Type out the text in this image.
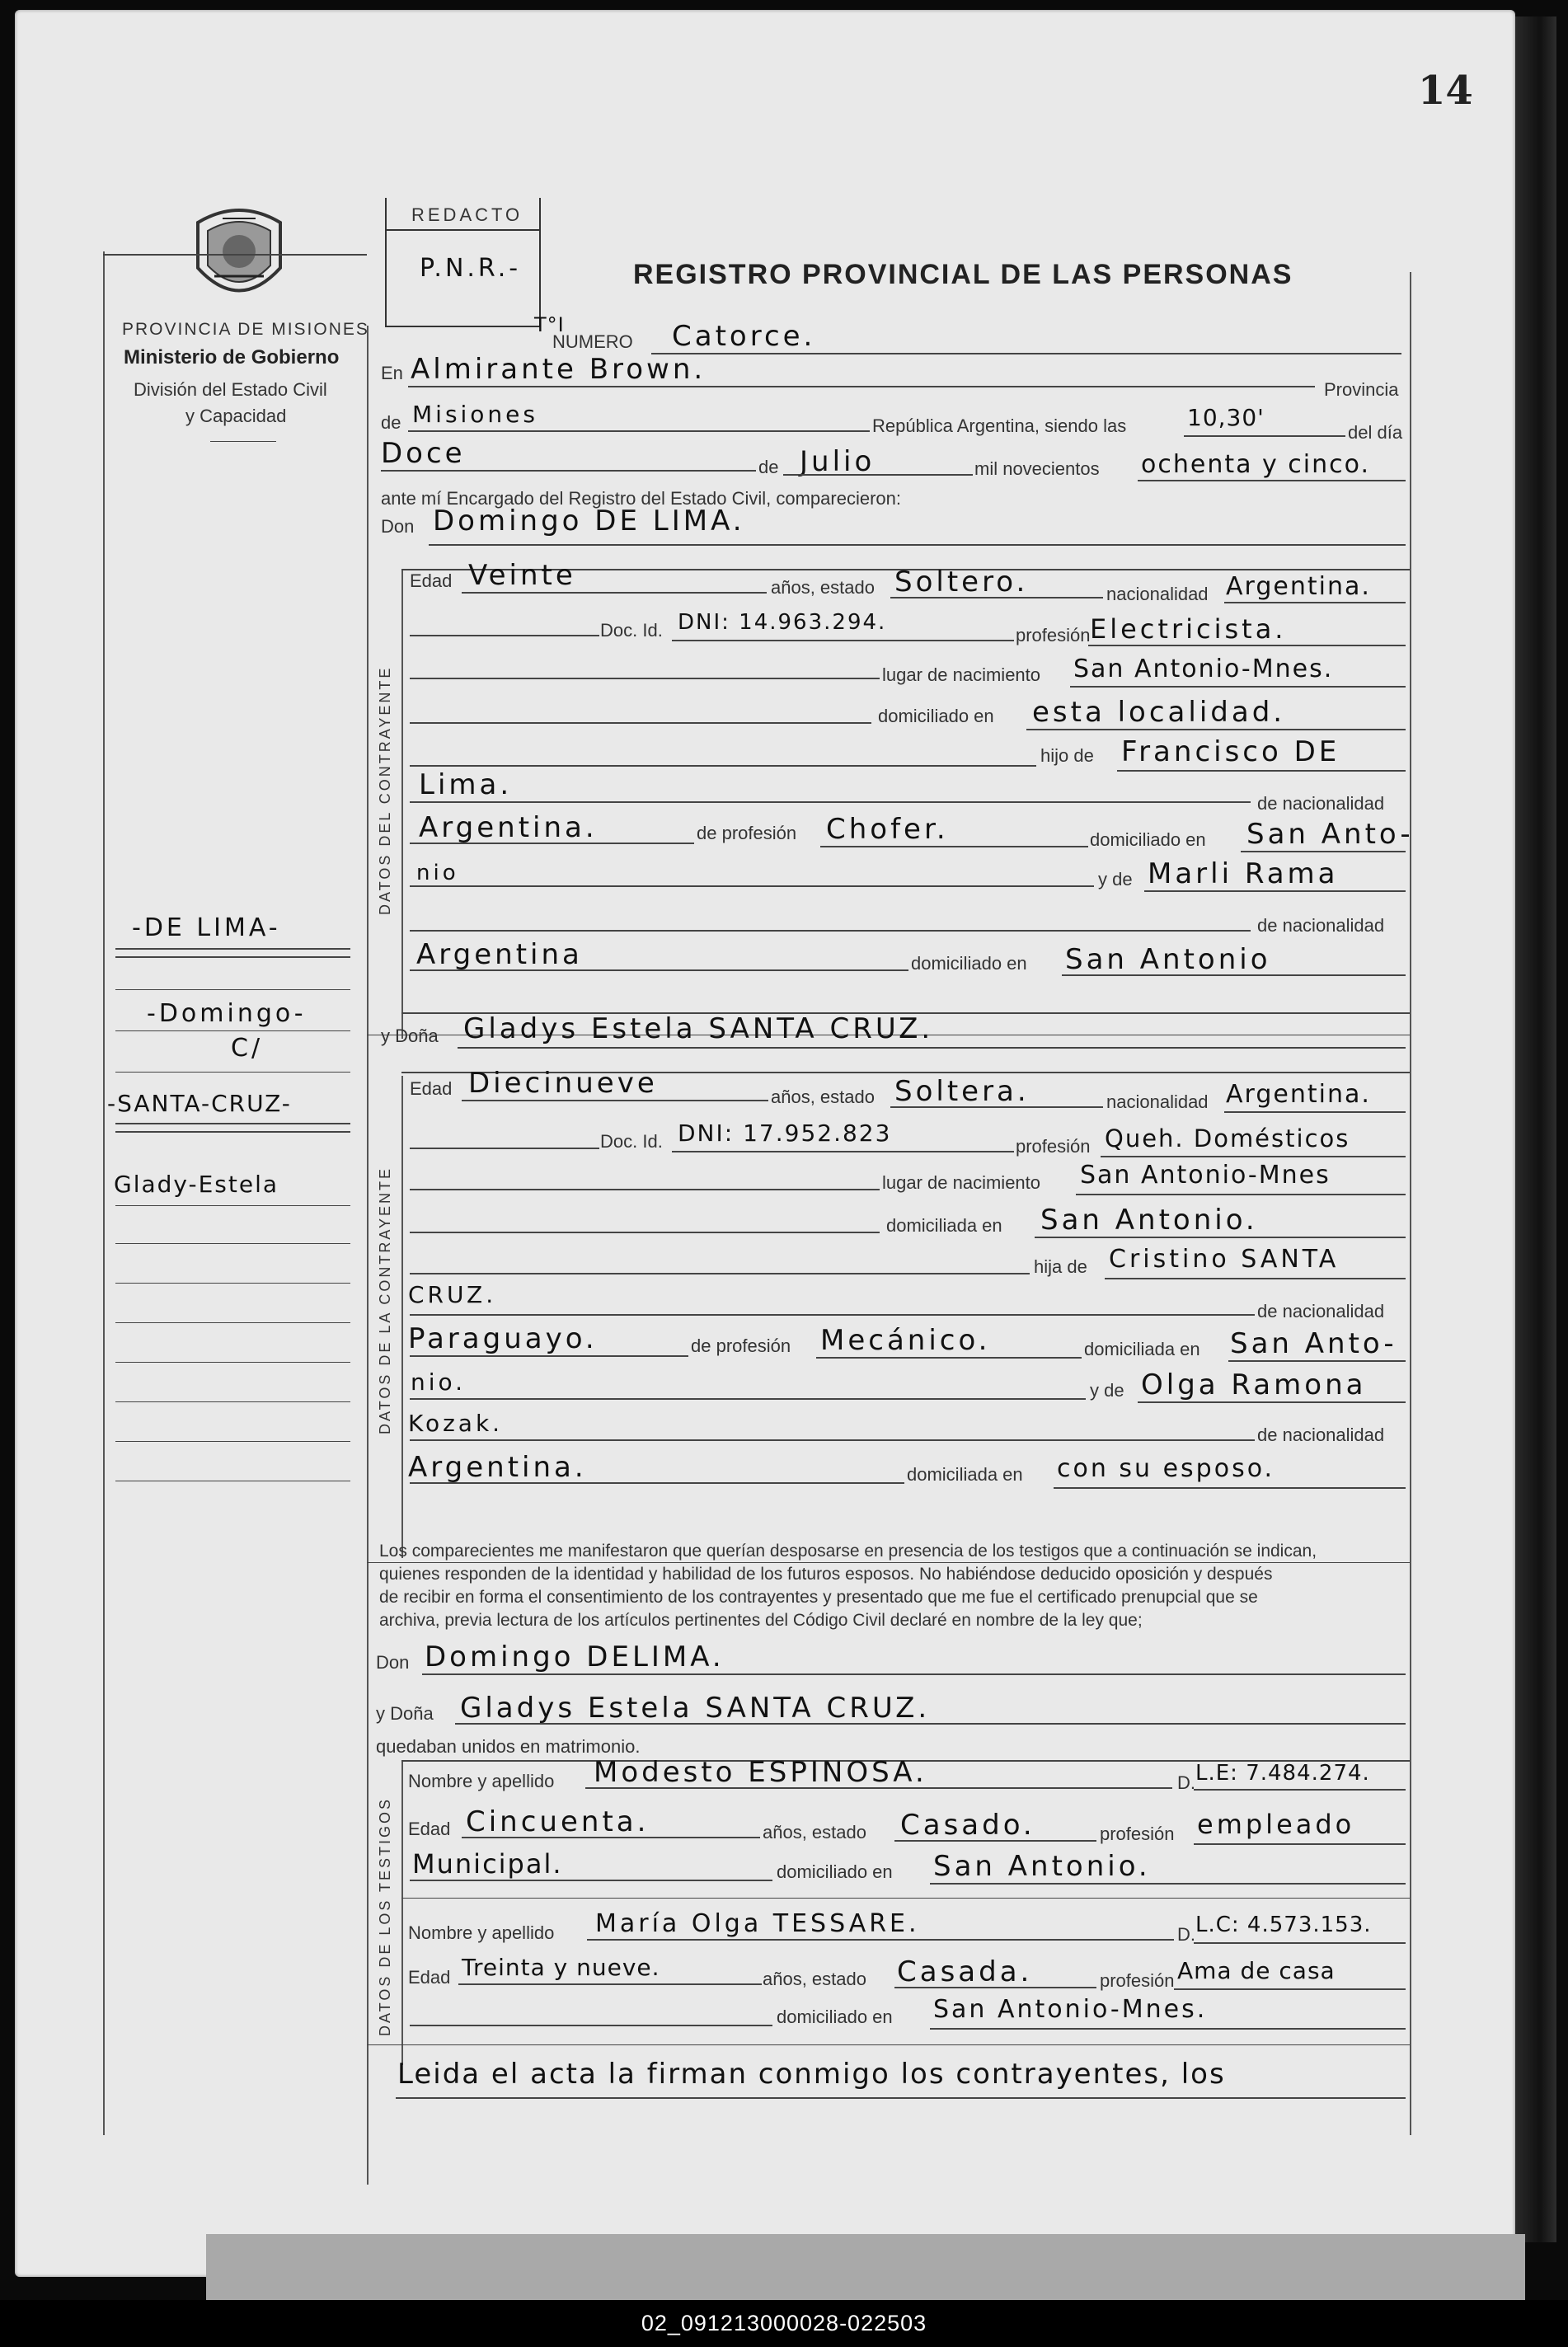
02_091213000028-022503
14
PROVINCIA DE MISIONES
Ministerio de Gobierno
División del Estado Civil
y Capacidad
REDACTO
P.N.R.-
T°I
REGISTRO PROVINCIAL DE LAS PERSONAS
NUMERO Catorce.
En Almirante Brown.
Provincia
de Misiones	República Argentina, siendo las	10,30'
del día
Doce	de Julio	mil novecientos ochenta y cinco.
ante mí Encargado del Registro del Estado Civil, comparecieron:
Don Domingo DE LIMA.
DATOS DEL CONTRAYENTE
Edad Veinte	años, estado Soltero.	nacionalidad Argentina.
Doc. Id. DNI: 14.963.294.
profesión Electricista.
lugar de nacimiento San Antonio-Mnes.
domiciliado en esta localidad.
hijo de Francisco DE
Lima.
de nacionalidad
Argentina.	de profesión Chofer.	domiciliado en San Anto-
nio	y de Marli Rama
de nacionalidad
Argentina	domiciliado en San Antonio
y Doña Gladys Estela SANTA CRUZ.
DATOS DE LA CONTRAYENTE
Edad Diecinueve	años, estado Soltera.	nacionalidad Argentina.
Doc. Id. DNI: 17.952.823	profesión Queh. Domésticos
lugar de nacimiento San Antonio-Mnes
domiciliada en San Antonio.
hija de Cristino SANTA
CRUZ.
de nacionalidad
Paraguayo.	de profesión Mecánico.	domiciliada en San Anto-
nio.	y de Olga Ramona
Kozak.	de nacionalidad
Argentina.	domiciliada en con su esposo.
Los comparecientes me manifestaron que querían desposarse en presencia de los testigos que a continuación se indican,
quienes responden de la identidad y habilidad de los futuros esposos. No habiéndose deducido oposición y después
de recibir en forma el consentimiento de los contrayentes y presentado que me fue el certificado prenupcial que se
archiva, previa lectura de los artículos pertinentes del Código Civil declaré en nombre de la ley que;
Don Domingo DELIMA.
y Doña Gladys Estela SANTA CRUZ.
quedaban unidos en matrimonio.
DATOS DE LOS TESTIGOS
Nombre y apellido Modesto ESPINOSA.	D. L.E: 7.484.274.
Edad Cincuenta.	años, estado Casado.	profesión empleado
Municipal.	domiciliado en San Antonio.
Nombre y apellido María Olga TESSARE.	D. L.C: 4.573.153.
Edad Treinta y nueve.	años, estado Casada.	profesión Ama de casa
domiciliado en San Antonio-Mnes.
Leida el acta la firman conmigo los contrayentes, los
-DE LIMA-
-Domingo-
C/
-SANTA-CRUZ-
Glady-Estela
